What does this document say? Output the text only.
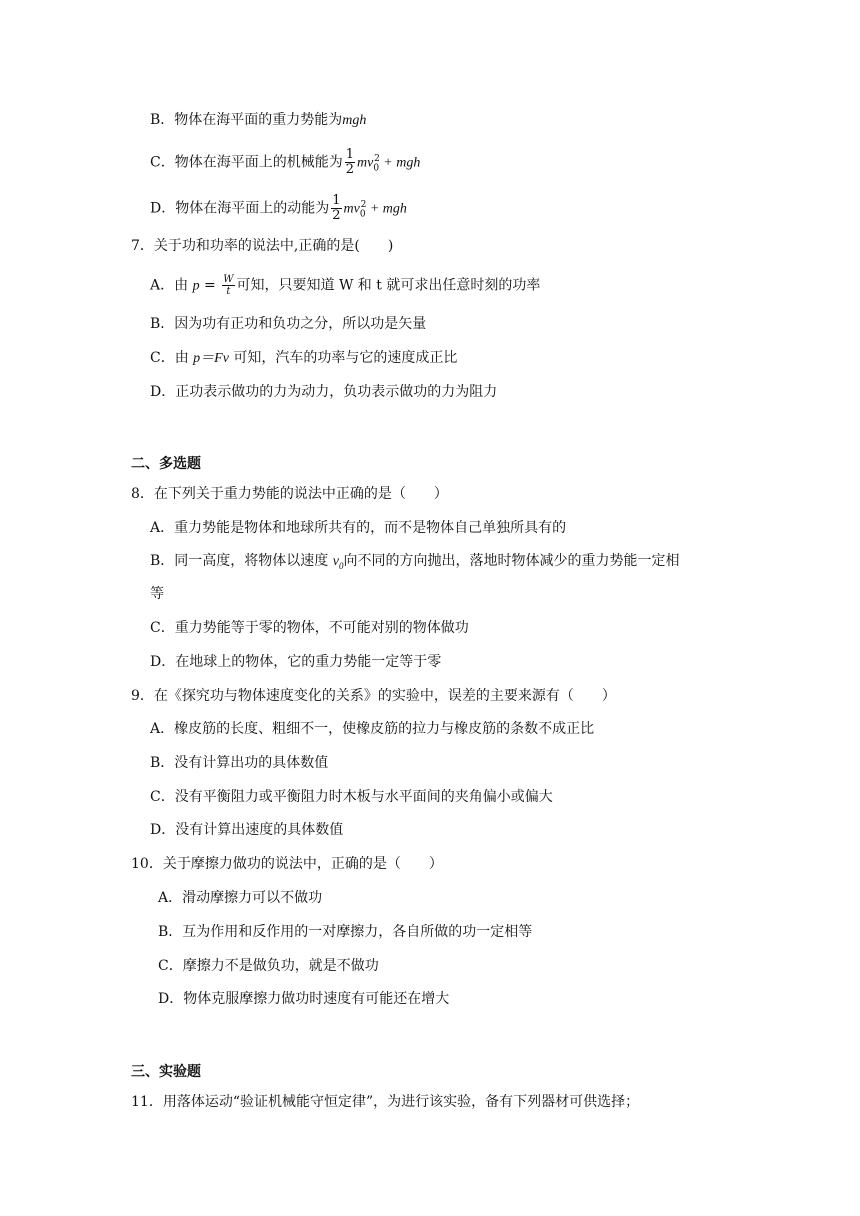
B．物体在海平面的重力势能为mgh
C．物体在海平面上的机械能为 $\frac{1}{2} mv_0^2$ + mgh
D．物体在海平面上的动能为 $\frac{1}{2} mv_0^2$ + mgh
7．关于功和功率的说法中,正确的是(　　)
A．由 $p = \frac{W}{t}$ 可知，只要知道 W 和 t 就可求出任意时刻的功率
B．因为功有正功和负功之分，所以功是矢量
C．由 p＝Fv 可知，汽车的功率与它的速度成正比
D．正功表示做功的力为动力，负功表示做功的力为阻力
二、多选题
8．在下列关于重力势能的说法中正确的是（　　）
A．重力势能是物体和地球所共有的，而不是物体自己单独所具有的
B．同一高度，将物体以速度 $v_0$向不同的方向抛出，落地时物体减少的重力势能一定相
等
C．重力势能等于零的物体，不可能对别的物体做功
D．在地球上的物体，它的重力势能一定等于零
9．在《探究功与物体速度变化的关系》的实验中，误差的主要来源有（　　）
A．橡皮筋的长度、粗细不一，使橡皮筋的拉力与橡皮筋的条数不成正比
B．没有计算出功的具体数值
C．没有平衡阻力或平衡阻力时木板与水平面间的夹角偏小或偏大
D．没有计算出速度的具体数值
10．关于摩擦力做功的说法中，正确的是（　　）
A．滑动摩擦力可以不做功
B．互为作用和反作用的一对摩擦力，各自所做的功一定相等
C．摩擦力不是做负功，就是不做功
D．物体克服摩擦力做功时速度有可能还在增大
三、实验题
11．用落体运动“验证机械能守恒定律”，为进行该实验，备有下列器材可供选择；
